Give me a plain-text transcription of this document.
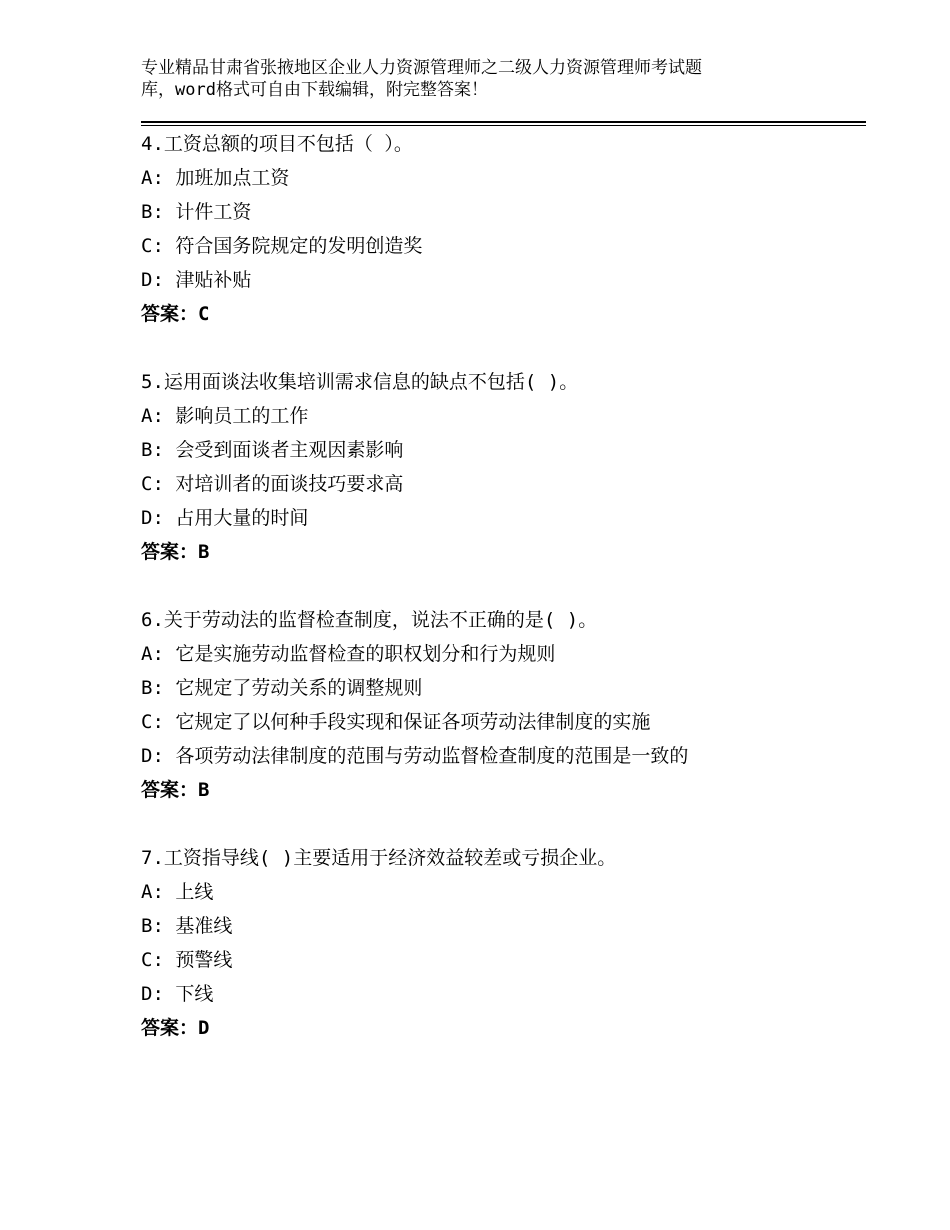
专业精品甘肃省张掖地区企业人力资源管理师之二级人力资源管理师考试题
库，word格式可自由下载编辑，附完整答案！
4.工资总额的项目不包括（ ）。
A: 加班加点工资
B: 计件工资
C: 符合国务院规定的发明创造奖
D: 津贴补贴
答案：C
5.运用面谈法收集培训需求信息的缺点不包括( )。
A: 影响员工的工作
B: 会受到面谈者主观因素影响
C: 对培训者的面谈技巧要求高
D: 占用大量的时间
答案：B
6.关于劳动法的监督检查制度，说法不正确的是( )。
A: 它是实施劳动监督检查的职权划分和行为规则
B: 它规定了劳动关系的调整规则
C: 它规定了以何种手段实现和保证各项劳动法律制度的实施
D: 各项劳动法律制度的范围与劳动监督检查制度的范围是一致的
答案：B
7.工资指导线( )主要适用于经济效益较差或亏损企业。
A: 上线
B: 基准线
C: 预警线
D: 下线
答案：D
